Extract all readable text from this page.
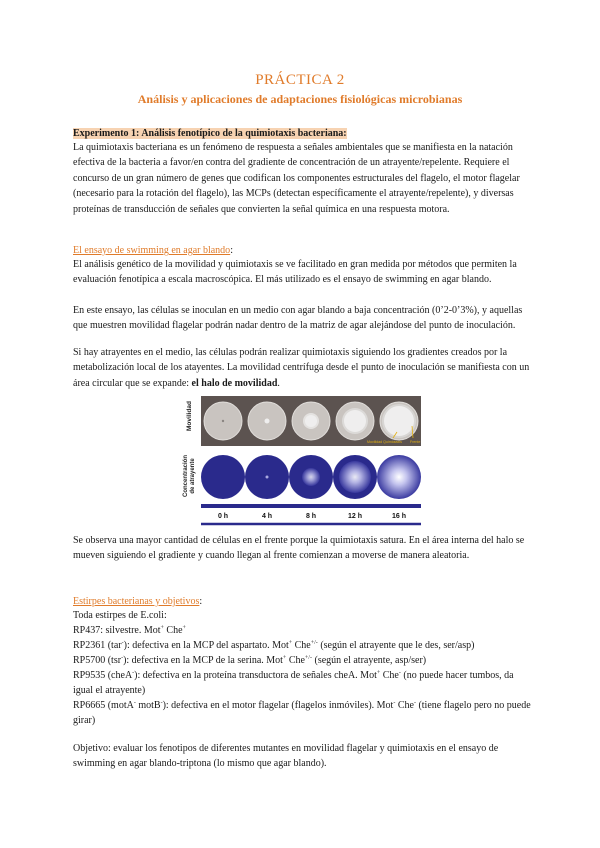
PRÁCTICA 2
Análisis y aplicaciones de adaptaciones fisiológicas microbianas
Experimento 1: Análisis fenotípico de la quimiotaxis bacteriana:
La quimiotaxis bacteriana es un fenómeno de respuesta a señales ambientales que se manifiesta en la natación efectiva de la bacteria a favor/en contra del gradiente de concentración de un atrayente/repelente. Requiere el concurso de un gran número de genes que codifican los componentes estructurales del flagelo, el motor flagelar (necesario para la rotación del flagelo), las MCPs (detectan específicamente el atrayente/repelente), y diversas proteínas de transducción de señales que convierten la señal química en una respuesta motora.
El ensayo de swimming en agar blando:
El análisis genético de la movilidad y quimiotaxis se ve facilitado en gran medida por métodos que permiten la evaluación fenotípica a escala macroscópica. El más utilizado es el ensayo de swimming en agar blando.
En este ensayo, las células se inoculan en un medio con agar blando a baja concentración (0’2-0’3%), y aquellas que muestren movilidad flagelar podrán nadar dentro de la matriz de agar alejándose del punto de inoculación.
Si hay atrayentes en el medio, las células podrán realizar quimiotaxis siguiendo los gradientes creados por la metabolización local de los atayentes. La movilidad centrífuga desde el punto de inoculación se manifiesta con un área circular que se expande: el halo de movilidad.
Movilidad
Concentración de atrayente
Movilidad Quimiotaxis Frente
0 h	4 h	8 h	12 h	16 h
Se observa una mayor cantidad de células en el frente porque la quimiotaxis satura. En el área interna del halo se mueven siguiendo el gradiente y cuando llegan al frente comienzan a moverse de manera aleatoria.
Estirpes bacterianas y objetivos:
Toda estirpes de E.coli:
RP437: silvestre. Mot+ Che+
RP2361 (tar-): defectiva en la MCP del aspartato. Mot+ Che+/- (según el atrayente que le des, ser/asp)
RP5700 (tsr-): defectiva en la MCP de la serina. Mot+ Che+/- (según el atrayente, asp/ser)
RP9535 (cheA-): defectiva en la proteína transductora de señales cheA. Mot+ Che- (no puede hacer tumbos, da igual el atrayente)
RP6665 (motA- motB-): defectiva en el motor flagelar (flagelos inmóviles). Mot- Che- (tiene flagelo pero no puede girar)
Objetivo: evaluar los fenotipos de diferentes mutantes en movilidad flagelar y quimiotaxis en el ensayo de swimming en agar blando-triptona (lo mismo que agar blando).
